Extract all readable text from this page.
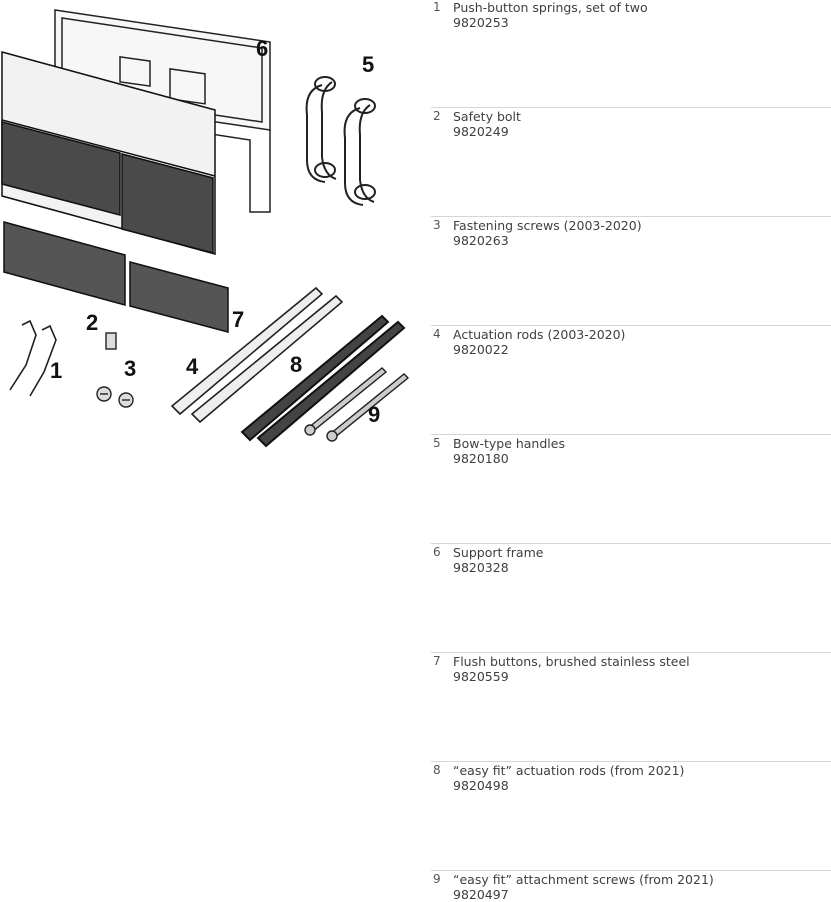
1
2
3 4
5
6
7
8
9
1 Push-button springs, set of two
9820253
2 Safety bolt
9820249
3 Fastening screws (2003-2020)
9820263
4 Actuation rods (2003-2020)
9820022
5 Bow-type handles
9820180
6 Support frame
9820328
7 Flush buttons, brushed stainless steel
9820559
8 “easy fit” actuation rods (from 2021)
9820498
9 “easy fit” attachment screws (from 2021)
9820497
